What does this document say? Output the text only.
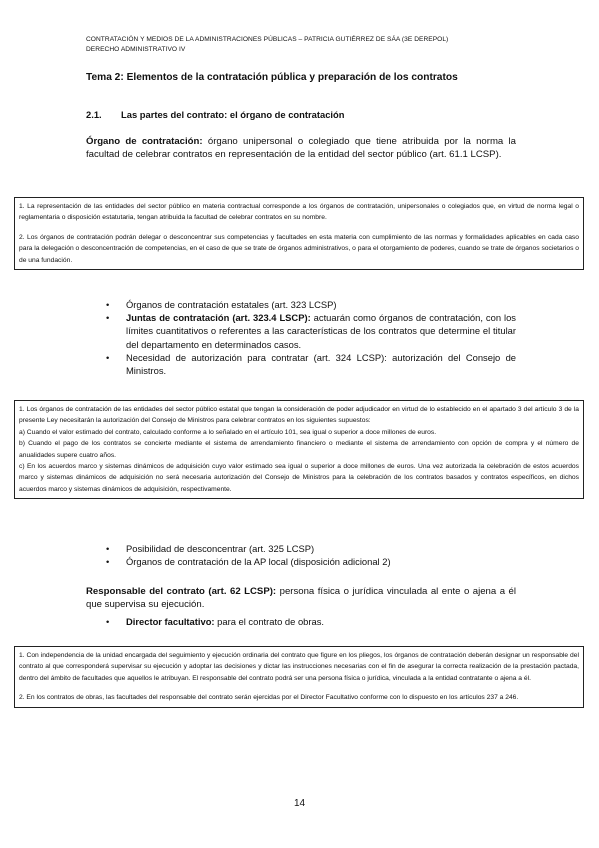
CONTRATACIÓN Y MEDIOS DE LA ADMINISTRACIONES PÚBLICAS – PATRICIA GUTIÉRREZ DE SÁA (3E DEREPOL)
DERECHO ADMINISTRATIVO IV
Tema 2: Elementos de la contratación pública y preparación de los contratos
2.1. Las partes del contrato: el órgano de contratación
Órgano de contratación: órgano unipersonal o colegiado que tiene atribuida por la norma la facultad de celebrar contratos en representación de la entidad del sector público (art. 61.1 LCSP).

1. La representación de las entidades del sector público en materia contractual corresponde a los órganos de contratación, unipersonales o colegiados que, en virtud de norma legal o reglamentaria o disposición estatutaria, tengan atribuida la facultad de celebrar contratos en su nombre.

2. Los órganos de contratación podrán delegar o desconcentrar sus competencias y facultades en esta materia con cumplimiento de las normas y formalidades aplicables en cada caso para la delegación o desconcentración de competencias, en el caso de que se trate de órganos administrativos, o para el otorgamiento de poderes, cuando se trate de órganos societarios o de una fundación.

• Órganos de contratación estatales (art. 323 LCSP)
• Juntas de contratación (art. 323.4 LSCP): actuarán como órganos de contratación, con los límites cuantitativos o referentes a las características de los contratos que determine el titular del departamento en determinados casos.
• Necesidad de autorización para contratar (art. 324 LCSP): autorización del Consejo de Ministros.

1. Los órganos de contratación de las entidades del sector público estatal que tengan la consideración de poder adjudicador en virtud de lo establecido en el apartado 3 del artículo 3 de la presente Ley necesitarán la autorización del Consejo de Ministros para celebrar contratos en los siguientes supuestos:

a) Cuando el valor estimado del contrato, calculado conforme a lo señalado en el artículo 101, sea igual o superior a doce millones de euros.

b) Cuando el pago de los contratos se concierte mediante el sistema de arrendamiento financiero o mediante el sistema de arrendamiento con opción de compra y el número de anualidades supere cuatro años.

c) En los acuerdos marco y sistemas dinámicos de adquisición cuyo valor estimado sea igual o superior a doce millones de euros. Una vez autorizada la celebración de estos acuerdos marco y sistemas dinámicos de adquisición no será necesaria autorización del Consejo de Ministros para la celebración de los contratos basados y contratos específicos, en dichos acuerdos marco y sistemas dinámicos de adquisición, respectivamente.

• Posibilidad de desconcentrar (art. 325 LCSP)
• Órganos de contratación de la AP local (disposición adicional 2)
Responsable del contrato (art. 62 LCSP): persona física o jurídica vinculada al ente o ajena a él que supervisa su ejecución.
• Director facultativo: para el contrato de obras.

1. Con independencia de la unidad encargada del seguimiento y ejecución ordinaria del contrato que figure en los pliegos, los órganos de contratación deberán designar un responsable del contrato al que corresponderá supervisar su ejecución y adoptar las decisiones y dictar las instrucciones necesarias con el fin de asegurar la correcta realización de la prestación pactada, dentro del ámbito de facultades que aquellos le atribuyan. El responsable del contrato podrá ser una persona física o jurídica, vinculada a la entidad contratante o ajena a él.

2. En los contratos de obras, las facultades del responsable del contrato serán ejercidas por el Director Facultativo conforme con lo dispuesto en los artículos 237 a 246.

14
